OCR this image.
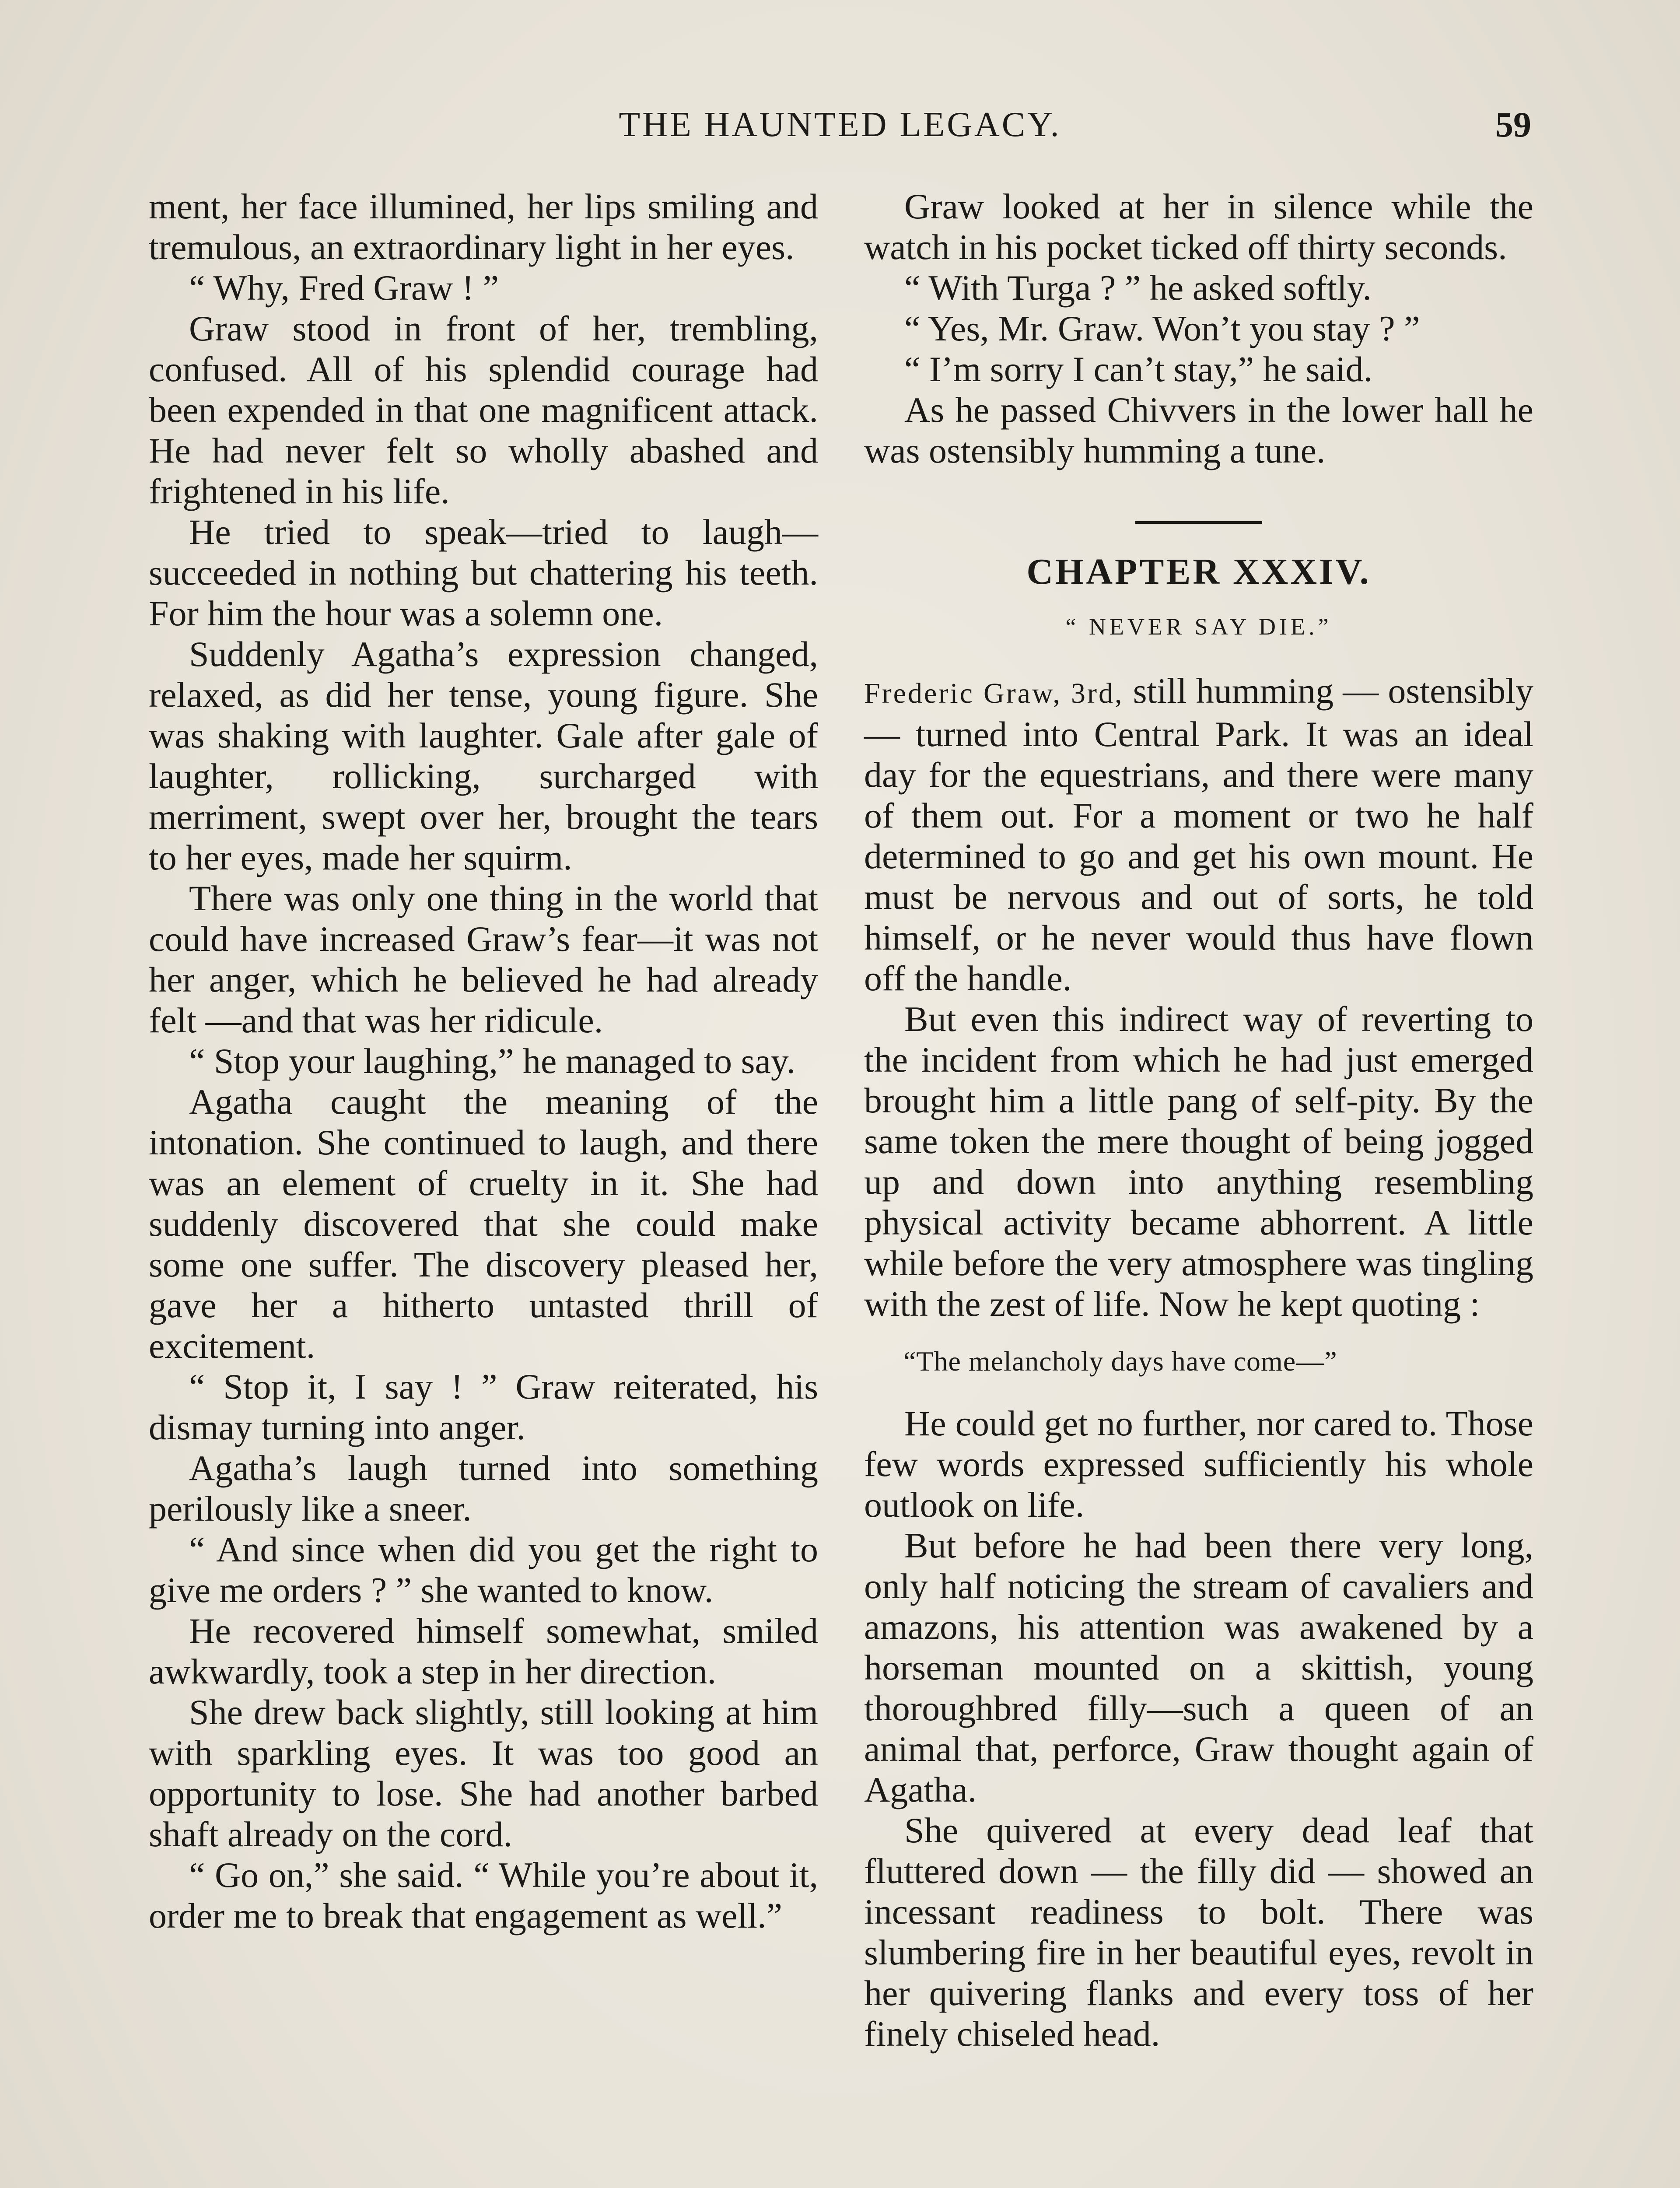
THE HAUNTED LEGACY.	59

ment, her face illumined, her lips smiling and tremulous, an extraordinary light in her eyes.

“ Why, Fred Graw ! ”

Graw stood in front of her, trembling, confused. All of his splendid courage had been expended in that one magnificent attack. He had never felt so wholly abashed and frightened in his life.

He tried to speak—tried to laugh—succeeded in nothing but chattering his teeth. For him the hour was a solemn one.

Suddenly Agatha’s expression changed, relaxed, as did her tense, young figure. She was shaking with laughter. Gale after gale of laughter, rollicking, surcharged with merriment, swept over her, brought the tears to her eyes, made her squirm.

There was only one thing in the world that could have increased Graw’s fear—it was not her anger, which he believed he had already felt —and that was her ridicule.

“ Stop your laughing,” he managed to say.

Agatha caught the meaning of the intonation. She continued to laugh, and there was an element of cruelty in it. She had suddenly discovered that she could make some one suffer. The discovery pleased her, gave her a hitherto untasted thrill of excitement.

“ Stop it, I say ! ” Graw reiterated, his dismay turning into anger.

Agatha’s laugh turned into something perilously like a sneer.

“ And since when did you get the right to give me orders ? ” she wanted to know.

He recovered himself somewhat, smiled awkwardly, took a step in her direction.

She drew back slightly, still looking at him with sparkling eyes. It was too good an opportunity to lose. She had another barbed shaft already on the cord.

“ Go on,” she said. “ While you’re about it, order me to break that engagement as well.”

Graw looked at her in silence while the watch in his pocket ticked off thirty seconds.

“ With Turga ? ” he asked softly.

“ Yes, Mr. Graw. Won’t you stay ? ”

“ I’m sorry I can’t stay,” he said.

As he passed Chivvers in the lower hall he was ostensibly humming a tune.

CHAPTER XXXIV.
“ NEVER SAY DIE.”

Frederic Graw, 3rd, still humming — ostensibly — turned into Central Park. It was an ideal day for the equestrians, and there were many of them out. For a moment or two he half determined to go and get his own mount. He must be nervous and out of sorts, he told himself, or he never would thus have flown off the handle.

But even this indirect way of reverting to the incident from which he had just emerged brought him a little pang of self-pity. By the same token the mere thought of being jogged up and down into anything resembling physical activity became abhorrent. A little while before the very atmosphere was tingling with the zest of life. Now he kept quoting :

“The melancholy days have come—”

He could get no further, nor cared to. Those few words expressed sufficiently his whole outlook on life.

But before he had been there very long, only half noticing the stream of cavaliers and amazons, his attention was awakened by a horseman mounted on a skittish, young thoroughbred filly—such a queen of an animal that, perforce, Graw thought again of Agatha.

She quivered at every dead leaf that fluttered down — the filly did — showed an incessant readiness to bolt. There was slumbering fire in her beautiful eyes, revolt in her quivering flanks and every toss of her finely chiseled head.
